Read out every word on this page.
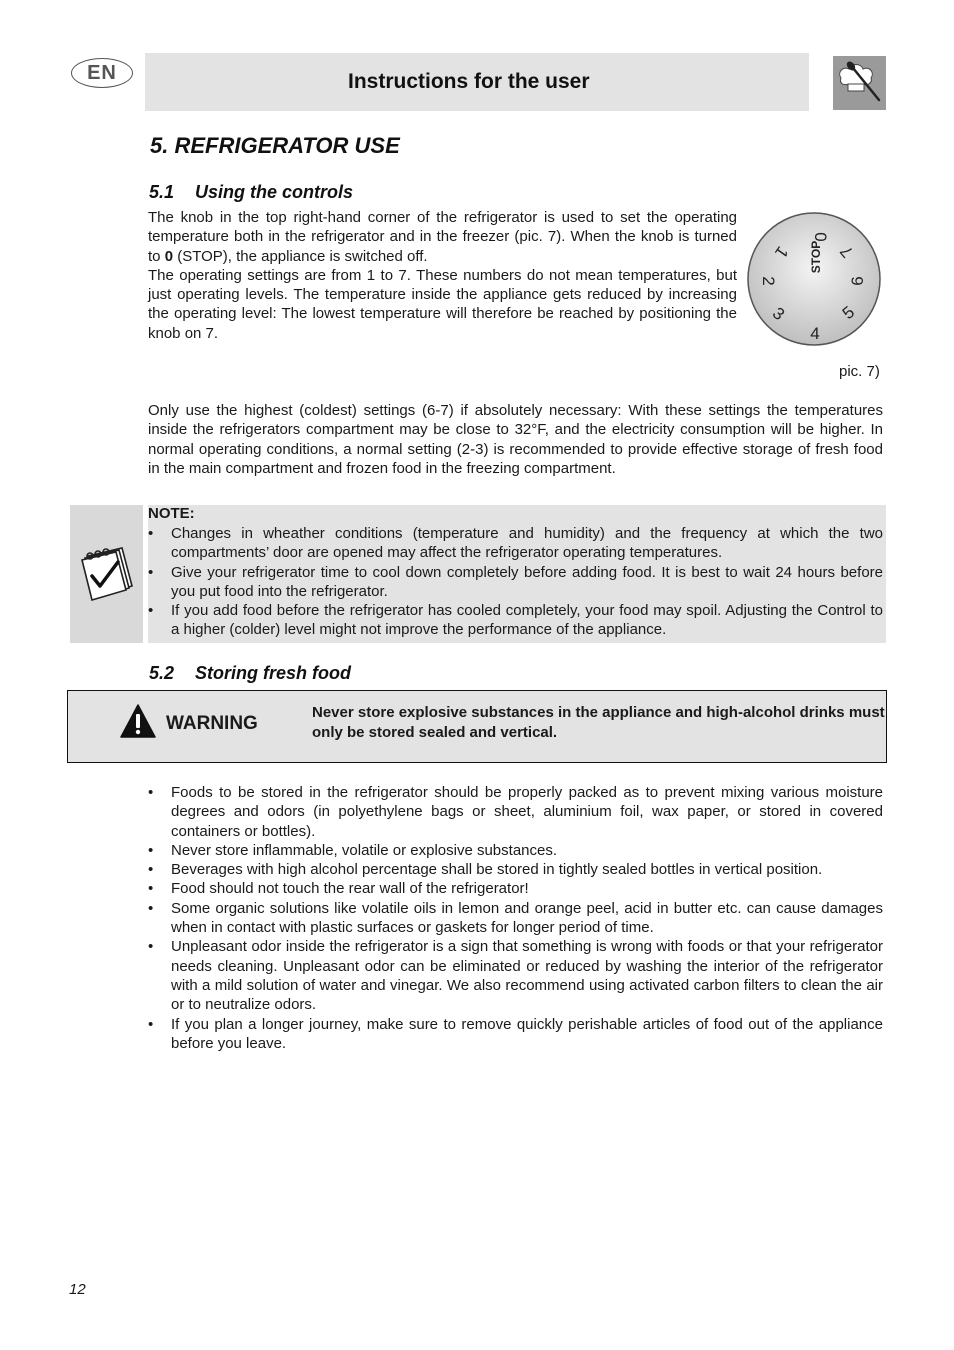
EN	Instructions for the user
5. REFRIGERATOR USE
5.1 Using the controls

The knob in the top right-hand corner of the refrigerator is used to set the operating temperature both in the refrigerator and in the freezer (pic. 7). When the knob is turned to 0 (STOP), the appliance is switched off.

The operating settings are from 1 to 7. These numbers do not mean temperatures, but just operating levels. The temperature inside the appliance gets reduced by increasing the operating level: The lowest temperature will therefore be reached by positioning the knob on 7.

0
1
2
3
4
5
6
7
STOP
pic. 7)
Only use the highest (coldest) settings (6-7) if absolutely necessary: With these settings the temperatures inside the refrigerators compartment may be close to 32°F, and the electricity consumption will be higher. In normal operating conditions, a normal setting (2-3) is recommended to provide effective storage of fresh food in the main compartment and frozen food in the freezing compartment.
NOTE:
• Changes in wheather conditions (temperature and humidity) and the frequency at which the two compartments’ door are opened may affect the refrigerator operating temperatures.
• Give your refrigerator time to cool down completely before adding food. It is best to wait 24 hours before you put food into the refrigerator.
• If you add food before the refrigerator has cooled completely, your food may spoil. Adjusting the Control to a higher (colder) level might not improve the performance of the appliance.
5.2 Storing fresh food
WARNING
Never store explosive substances in the appliance and high-alcohol drinks must only be stored sealed and vertical.
• Foods to be stored in the refrigerator should be properly packed as to prevent mixing various moisture degrees and odors (in polyethylene bags or sheet, aluminium foil, wax paper, or stored in covered containers or bottles).
• Never store inflammable, volatile or explosive substances.
• Beverages with high alcohol percentage shall be stored in tightly sealed bottles in vertical position.
• Food should not touch the rear wall of the refrigerator!
• Some organic solutions like volatile oils in lemon and orange peel, acid in butter etc. can cause damages when in contact with plastic surfaces or gaskets for longer period of time.
• Unpleasant odor inside the refrigerator is a sign that something is wrong with foods or that your refrigerator needs cleaning. Unpleasant odor can be eliminated or reduced by washing the interior of the refrigerator with a mild solution of water and vinegar. We also recommend using activated carbon filters to clean the air or to neutralize odors.
• If you plan a longer journey, make sure to remove quickly perishable articles of food out of the appliance before you leave.
12
